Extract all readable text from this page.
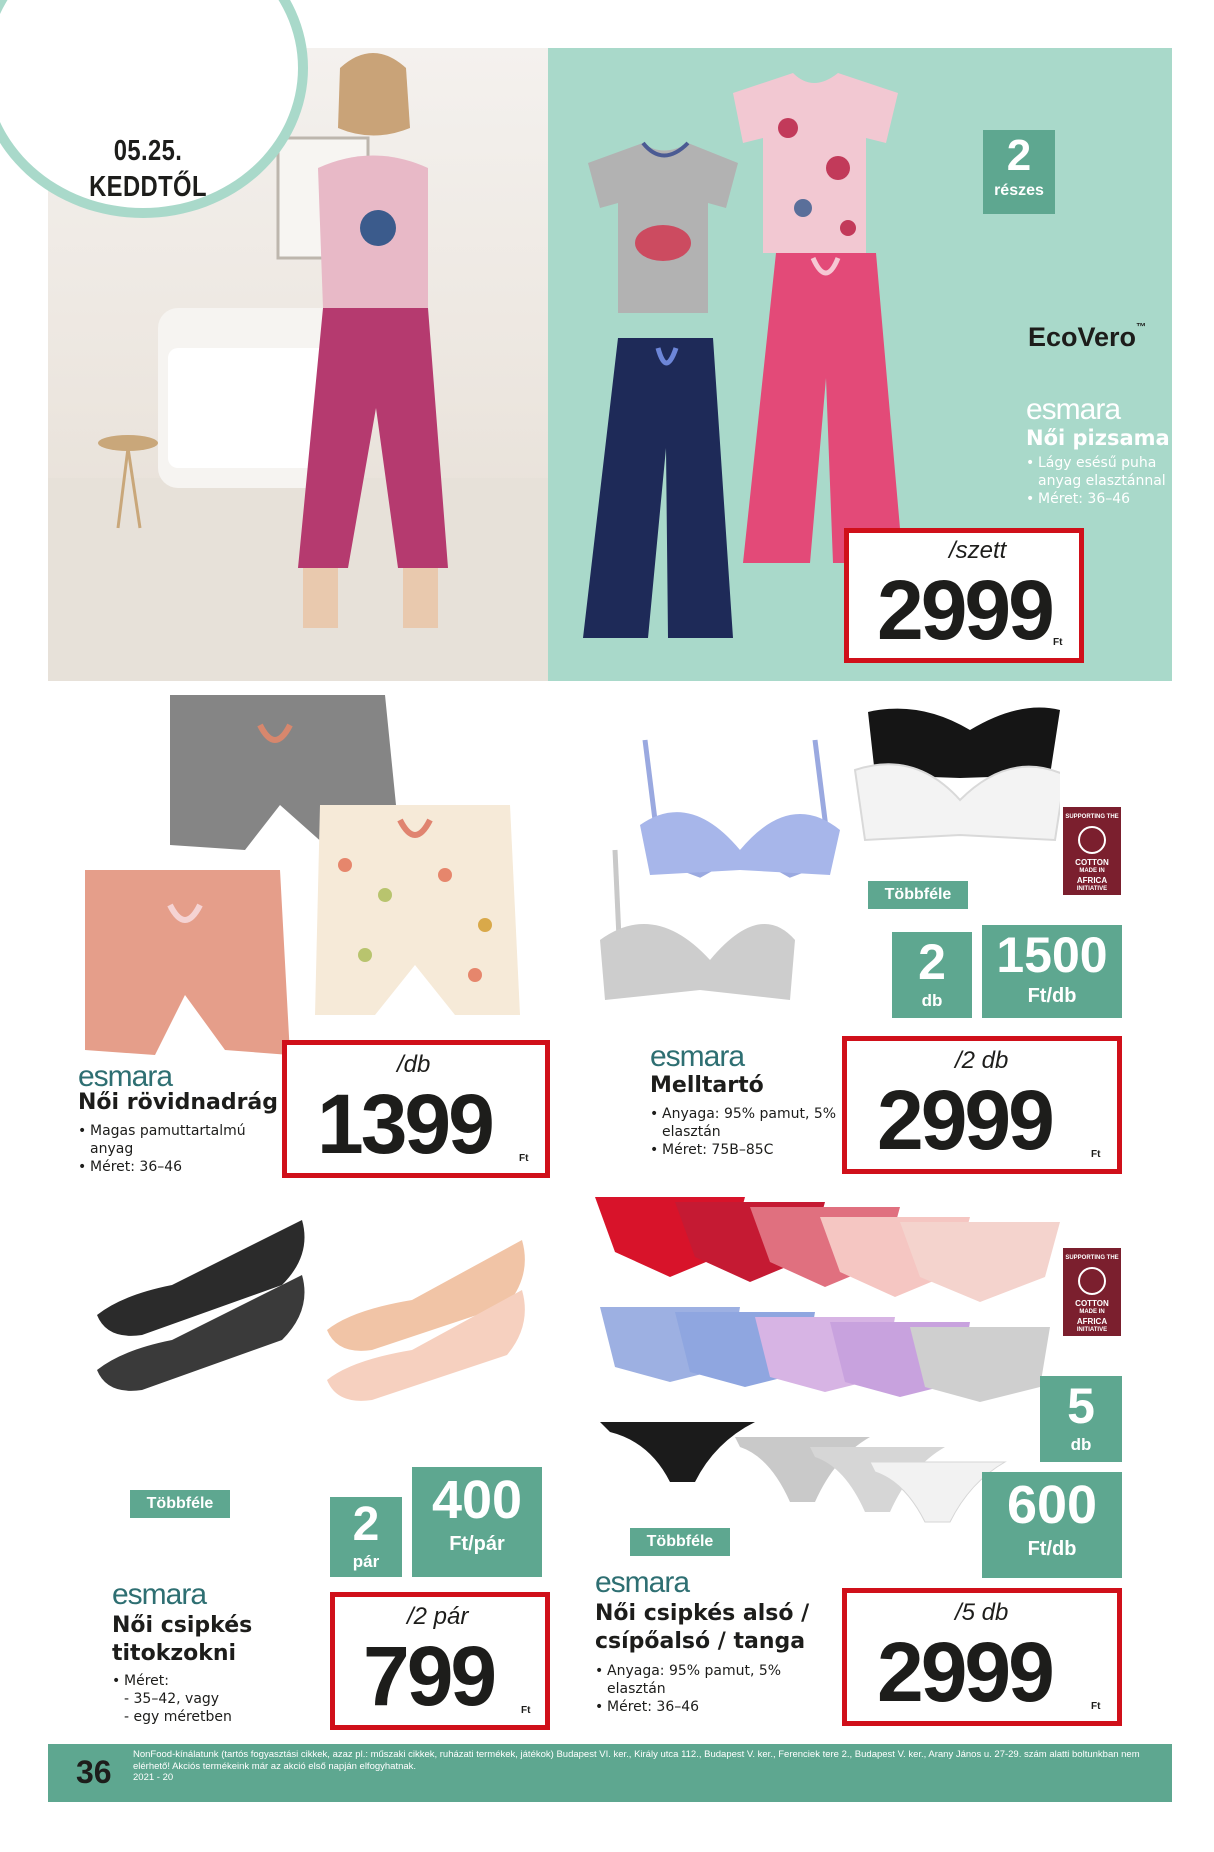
05.25.
KEDDTŐL
2
részes
EcoVero™
esmara
Női pizsama
• Lágy esésű puha anyag elasztánnal
• Méret: 36–46
/szett
2999 Ft
esmara
Női rövidnadrág
• Magas pamuttartalmú anyag
• Méret: 36–46
/db
1399	Ft
SUPPORTING THE
COTTON
MADE IN
AFRICA
INITIATIVE
Többféle
2
db
1500
Ft/db
esmara
Melltartó
• Anyaga: 95% pamut, 5% elasztán
• Méret: 75B–85C
/2 db
2999	Ft
Többféle	2
pár
400
Ft/pár
esmara
Női csipkés
titokzokni
• Méret:
- 35–42, vagy
- egy méretben
/2 pár
799	Ft
SUPPORTING THE
COTTON
MADE IN
AFRICA
INITIATIVE
5
db
600
Ft/db
Többféle
esmara
Női csipkés alsó /
csípőalsó / tanga
• Anyaga: 95% pamut, 5% elasztán
• Méret: 36–46
/5 db
2999	Ft
36 NonFood-kínálatunk (tartós fogyasztási cikkek, azaz pl.: műszaki cikkek, ruházati termékek, játékok) Budapest VI. ker., Király utca 112., Budapest V. ker., Ferenciek tere 2., Budapest V. ker., Arany János u. 27-29. szám alatti boltunkban nem elérhető! Akciós termékeink már az akció első napján elfogyhatnak.
2021 - 20
